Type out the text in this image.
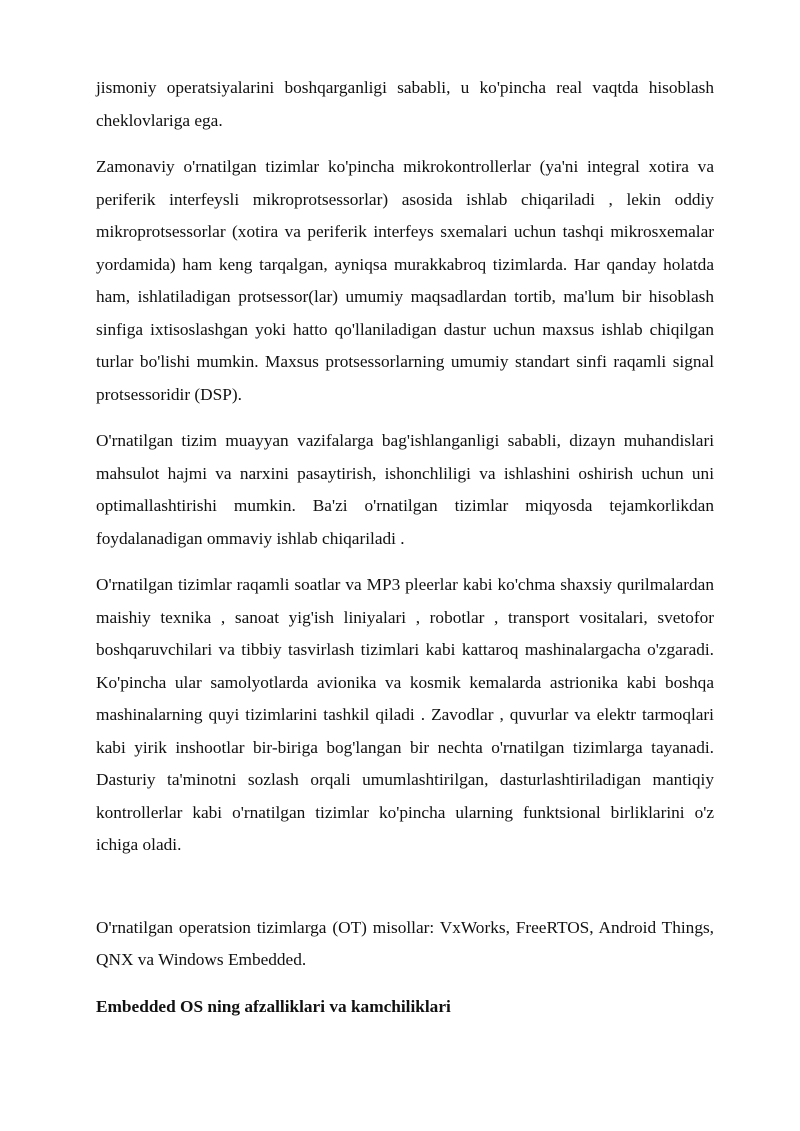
jismoniy operatsiyalarini boshqarganligi sababli, u ko'pincha real vaqtda hisoblash cheklovlariga ega.

Zamonaviy o'rnatilgan tizimlar ko'pincha mikrokontrollerlar (ya'ni integral xotira va periferik interfeysli mikroprotsessorlar) asosida ishlab chiqariladi , lekin oddiy mikroprotsessorlar (xotira va periferik interfeys sxemalari uchun tashqi mikrosxemalar yordamida) ham keng tarqalgan, ayniqsa murakkabroq tizimlarda. Har qanday holatda ham, ishlatiladigan protsessor(lar) umumiy maqsadlardan tortib, ma'lum bir hisoblash sinfiga ixtisoslashgan yoki hatto qo'llaniladigan dastur uchun maxsus ishlab chiqilgan turlar bo'lishi mumkin. Maxsus protsessorlarning umumiy standart sinfi raqamli signal protsessoridir (DSP).

O'rnatilgan tizim muayyan vazifalarga bag'ishlanganligi sababli, dizayn muhandislari mahsulot hajmi va narxini pasaytirish, ishonchliligi va ishlashini oshirish uchun uni optimallashtirishi mumkin. Ba'zi o'rnatilgan tizimlar miqyosda tejamkorlikdan foydalanadigan ommaviy ishlab chiqariladi .

O'rnatilgan tizimlar raqamli soatlar va MP3 pleerlar kabi ko'chma shaxsiy qurilmalardan maishiy texnika , sanoat yig'ish liniyalari , robotlar , transport vositalari, svetofor boshqaruvchilari va tibbiy tasvirlash tizimlari kabi kattaroq mashinalargacha o'zgaradi. Ko'pincha ular samolyotlarda avionika va kosmik kemalarda astrionika kabi boshqa mashinalarning quyi tizimlarini tashkil qiladi . Zavodlar , quvurlar va elektr tarmoqlari kabi yirik inshootlar bir-biriga bog'langan bir nechta o'rnatilgan tizimlarga tayanadi. Dasturiy ta'minotni sozlash orqali umumlashtirilgan, dasturlashtiriladigan mantiqiy kontrollerlar kabi o'rnatilgan tizimlar ko'pincha ularning funktsional birliklarini o'z ichiga oladi.

O'rnatilgan operatsion tizimlarga (OT) misollar: VxWorks, FreeRTOS, Android Things, QNX va Windows Embedded.

Embedded OS ning afzalliklari va kamchiliklari
